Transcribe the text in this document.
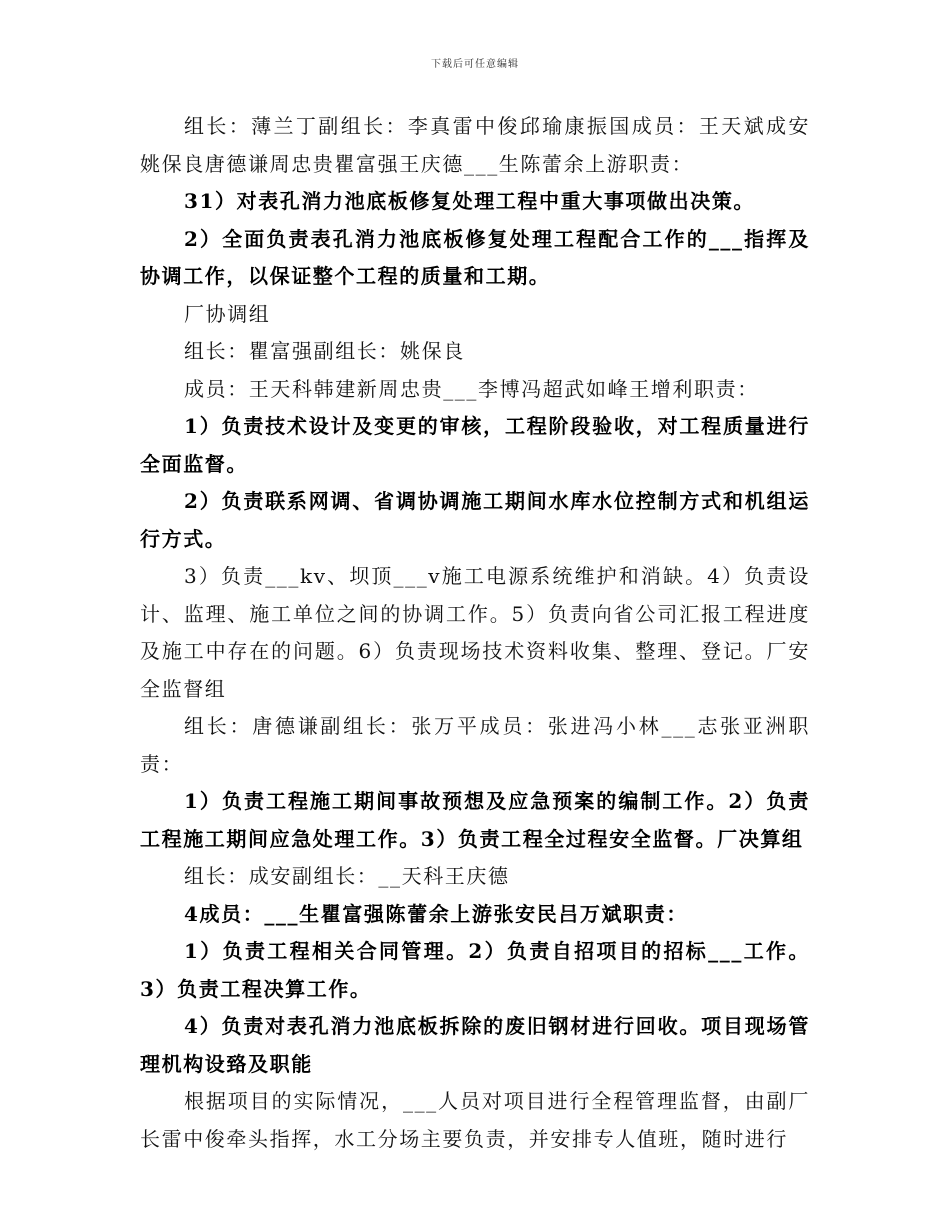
下载后可任意编辑

组长：薄兰丁副组长：李真雷中俊邱瑜康振国成员：王天斌成安姚保良唐德谦周忠贵瞿富强王庆德___生陈蕾余上游职责：

31）对表孔消力池底板修复处理工程中重大事项做出决策。

2）全面负责表孔消力池底板修复处理工程配合工作的___指挥及协调工作，以保证整个工程的质量和工期。

厂协调组

组长：瞿富强副组长：姚保良

成员：王天科韩建新周忠贵___李博冯超武如峰王增利职责：

1）负责技术设计及变更的审核，工程阶段验收，对工程质量进行全面监督。

2）负责联系网调、省调协调施工期间水库水位控制方式和机组运行方式。

3）负责___kv、坝顶___v施工电源系统维护和消缺。4）负责设计、监理、施工单位之间的协调工作。5）负责向省公司汇报工程进度及施工中存在的问题。6）负责现场技术资料收集、整理、登记。厂安全监督组

组长：唐德谦副组长：张万平成员：张进冯小林___志张亚洲职责：

1）负责工程施工期间事故预想及应急预案的编制工作。2）负责工程施工期间应急处理工作。3）负责工程全过程安全监督。厂决算组

组长：成安副组长：__天科王庆德

4成员：___生瞿富强陈蕾余上游张安民吕万斌职责：

1）负责工程相关合同管理。2）负责自招项目的招标___工作。3）负责工程决算工作。

4）负责对表孔消力池底板拆除的废旧钢材进行回收。项目现场管理机构设臵及职能

根据项目的实际情况，___人员对项目进行全程管理监督，由副厂长雷中俊牵头指挥，水工分场主要负责，并安排专人值班，随时进行
